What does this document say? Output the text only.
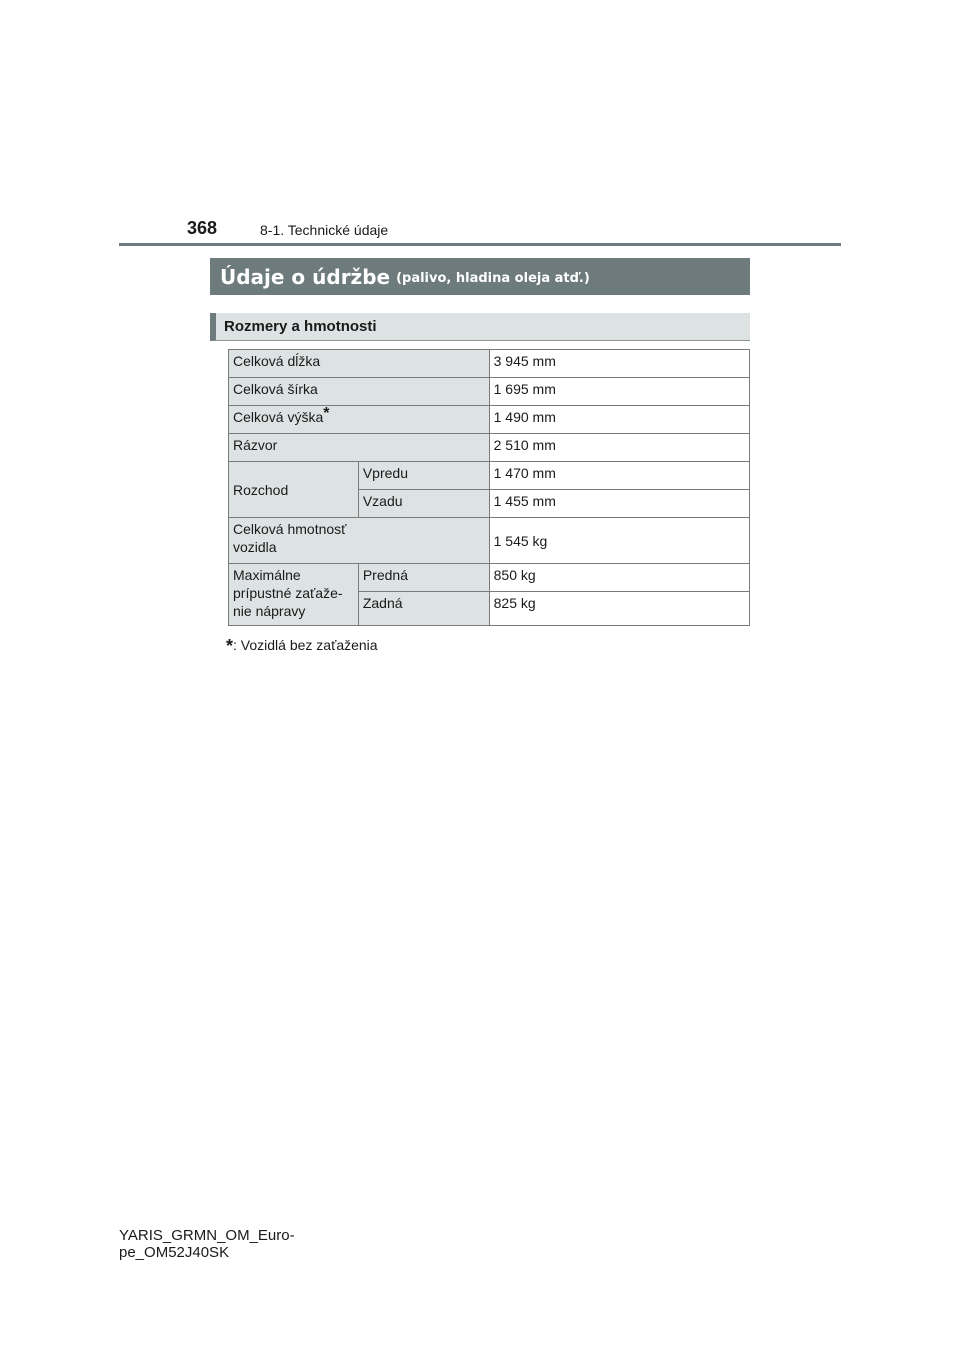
368	8-1. Technické údaje
Údaje o údržbe (palivo, hladina oleja atď.)
Rozmery a hmotnosti
Celková dĺžka		3 945 mm
Celková šírka		1 695 mm
Celková výška*		1 490 mm
Rázvor		2 510 mm
Rozchod	Vpredu	1 470 mm
	Vzadu	1 455 mm
Celková hmotnosť
vozidla		1 545 kg
Maximálne
prípustné zaťaže-
nie nápravy	Predná	850 kg
	Zadná	825 kg
*: Vozidlá bez zaťaženia
YARIS_GRMN_OM_Euro-
pe_OM52J40SK
